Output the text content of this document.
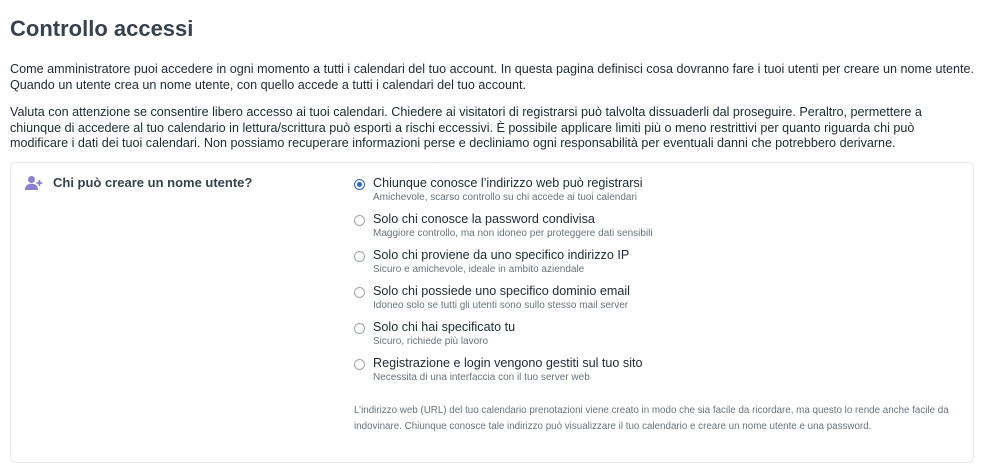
Controllo accessi

Come amministratore puoi accedere in ogni momento a tutti i calendari del tuo account. In questa pagina definisci cosa dovranno fare i tuoi utenti per creare un nome utente. Quando un utente crea un nome utente, con quello accede a tutti i calendari del tuo account.

Valuta con attenzione se consentire libero accesso ai tuoi calendari. Chiedere ai visitatori di registrarsi può talvolta dissuaderli dal proseguire. Peraltro, permettere a chiunque di accedere al tuo calendario in lettura/scrittura può esporti a rischi eccessivi. È possibile applicare limiti più o meno restrittivi per quanto riguarda chi può modificare i dati dei tuoi calendari. Non possiamo recuperare informazioni perse e decliniamo ogni responsabilità per eventuali danni che potrebbero derivarne.

Chi può creare un nome utente?	Chiunque conosce l’indirizzo web può registrarsi
Amichevole, scarso controllo su chi accede ai tuoi calendari
Solo chi conosce la password condivisa
Maggiore controllo, ma non idoneo per proteggere dati sensibili
Solo chi proviene da uno specifico indirizzo IP
Sicuro e amichevole, ideale in ambito aziendale
Solo chi possiede uno specifico dominio email
Idoneo solo se tutti gli utenti sono sullo stesso mail server
Solo chi hai specificato tu
Sicuro, richiede più lavoro
Registrazione e login vengono gestiti sul tuo sito
Necessita di una interfaccia con il tuo server web
L’indirizzo web (URL) del tuo calendario prenotazioni viene creato in modo che sia facile da ricordare, ma questo lo rende anche facile da indovinare. Chiunque conosce tale indirizzo può visualizzare il tuo calendario e creare un nome utente e una password.
